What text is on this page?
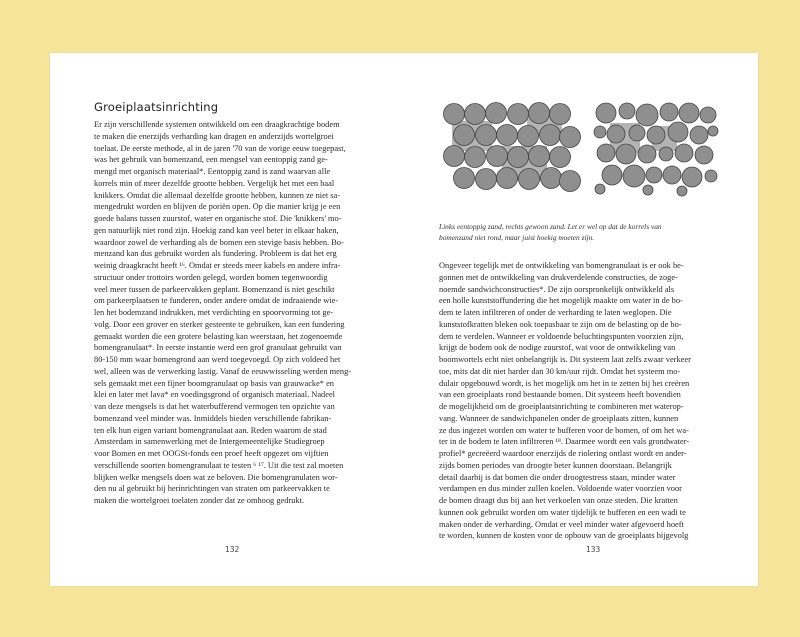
Groeiplaatsinrichting
Er zijn verschillende systemen ontwikkeld om een draagkrachtige bodem
te maken die enerzijds verharding kan dragen en anderzijds wortelgroei
toelaat. De eerste methode, al in de jaren '70 van de vorige eeuw toegepast,
was het gebruik van bomenzand, een mengsel van eentoppig zand ge-
mengd met organisch materiaal*. Eentoppig zand is zand waarvan alle
korrels min of meer dezelfde grootte hebben. Vergelijk het met een baal
knikkers. Omdat die allemaal dezelfde grootte hebben, kunnen ze niet sa-
mengedrukt worden en blijven de poriën open. Op die manier krijg je een
goede balans tussen zuurstof, water en organische stof. Die 'knikkers' mo-
gen natuurlijk niet rond zijn. Hoekig zand kan veel beter in elkaar haken,
waardoor zowel de verharding als de bomen een stevige basis hebben. Bo-
menzand kan dus gebruikt worden als fundering. Probleem is dat het erg
weinig draagkracht heeft ¹⁶. Omdat er steeds meer kabels en andere infra-
structuur onder trottoirs worden gelegd, worden bomen tegenwoordig
veel meer tussen de parkeervakken geplant. Bomenzand is niet geschikt
om parkeerplaatsen te funderen, onder andere omdat de indraaiende wie-
len het bodemzand indrukken, met verdichting en spoorvorming tot ge-
volg. Door een grover en sterker gesteente te gebruiken, kan een fundering
gemaakt worden die een grotere belasting kan weerstaan, het zogenoemde
bomengranulaat*. In eerste instantie werd een grof granulaat gebruikt van
80-150 mm waar bomengrond aan werd toegevoegd. Op zich voldeed het
wel, alleen was de verwerking lastig. Vanaf de eeuwwisseling werden meng-
sels gemaakt met een fijner boomgranulaat op basis van grauwacke* en
klei en later met lava* en voedingsgrond of organisch materiaal. Nadeel
van deze mengsels is dat het waterbufferend vermogen ten opzichte van
bomenzand veel minder was. Inmiddels bieden verschillende fabrikan-
ten elk hun eigen variant bomengranulaat aan. Reden waarom de stad
Amsterdam in samenwerking met de Intergemeentelijke Studiegroep
voor Bomen en met OOGSt-fonds een proef heeft opgezet om vijftien
verschillende soorten bomengranulaat te testen ⁶ ¹⁷. Uit die test zal moeten
blijken welke mengsels doen wat ze beloven. Die bomengranulaten wor-
den nu al gebruikt bij herinrichtingen van straten om parkeervakken te
maken die wortelgroei toelaten zonder dat ze omhoog gedrukt.
132
Links eentoppig zand, rechts gewoon zand. Let er wel op dat de korrels van
bomenzand niet rond, maar juist hoekig moeten zijn.
Ongeveer tegelijk met de ontwikkeling van bomengranulaat is er ook be-
gonnen met de ontwikkeling van drukverdelende constructies, de zoge-
noemde sandwichconstructies*. De zijn oorspronkelijk ontwikkeld als
een holle kunststoffundering die het mogelijk maakte om water in de bo-
dem te laten infiltreren of onder de verharding te laten weglopen. Die
kunststofkratten bleken ook toepasbaar te zijn om de belasting op de bo-
dem te verdelen. Wanneer er voldoende beluchtingspunten voorzien zijn,
krijgt de bodem ook de nodige zuurstof, wat voor de ontwikkeling van
boomwortels echt niet onbelangrijk is. Dit systeem laat zelfs zwaar verkeer
toe, mits dat dit niet harder dan 30 km/uur rijdt. Omdat het systeem mo-
dulair opgebouwd wordt, is het mogelijk om het in te zetten bij het creëren
van een groeiplaats rond bestaande bomen. Dit systeem heeft bovendien
de mogelijkheid om de groeiplaatsinrichting te combineren met waterop-
vang. Wanneer de sandwichpanelen onder de groeiplaats zitten, kunnen
ze dus ingezet worden om water te bufferen voor de bomen, of om het wa-
ter in de bodem te laten infiltreren ¹⁸. Daarmee wordt een vals grondwater-
profiel* gecreëerd waardoor enerzijds de riolering ontlast wordt en ander-
zijds bomen periodes van droogte beter kunnen doorstaan. Belangrijk
detail daarbij is dat bomen die onder droogtestress staan, minder water
verdampen en dus minder zullen koelen. Voldoende water voorzien voor
de bomen draagt dus bij aan het verkoelen van onze steden. Die kratten
kunnen ook gebruikt worden om water tijdelijk te bufferen en een wadi te
maken onder de verharding. Omdat er veel minder water afgevoerd hoeft
te worden, kunnen de kosten voor de opbouw van de groeiplaats bijgevolg
133
